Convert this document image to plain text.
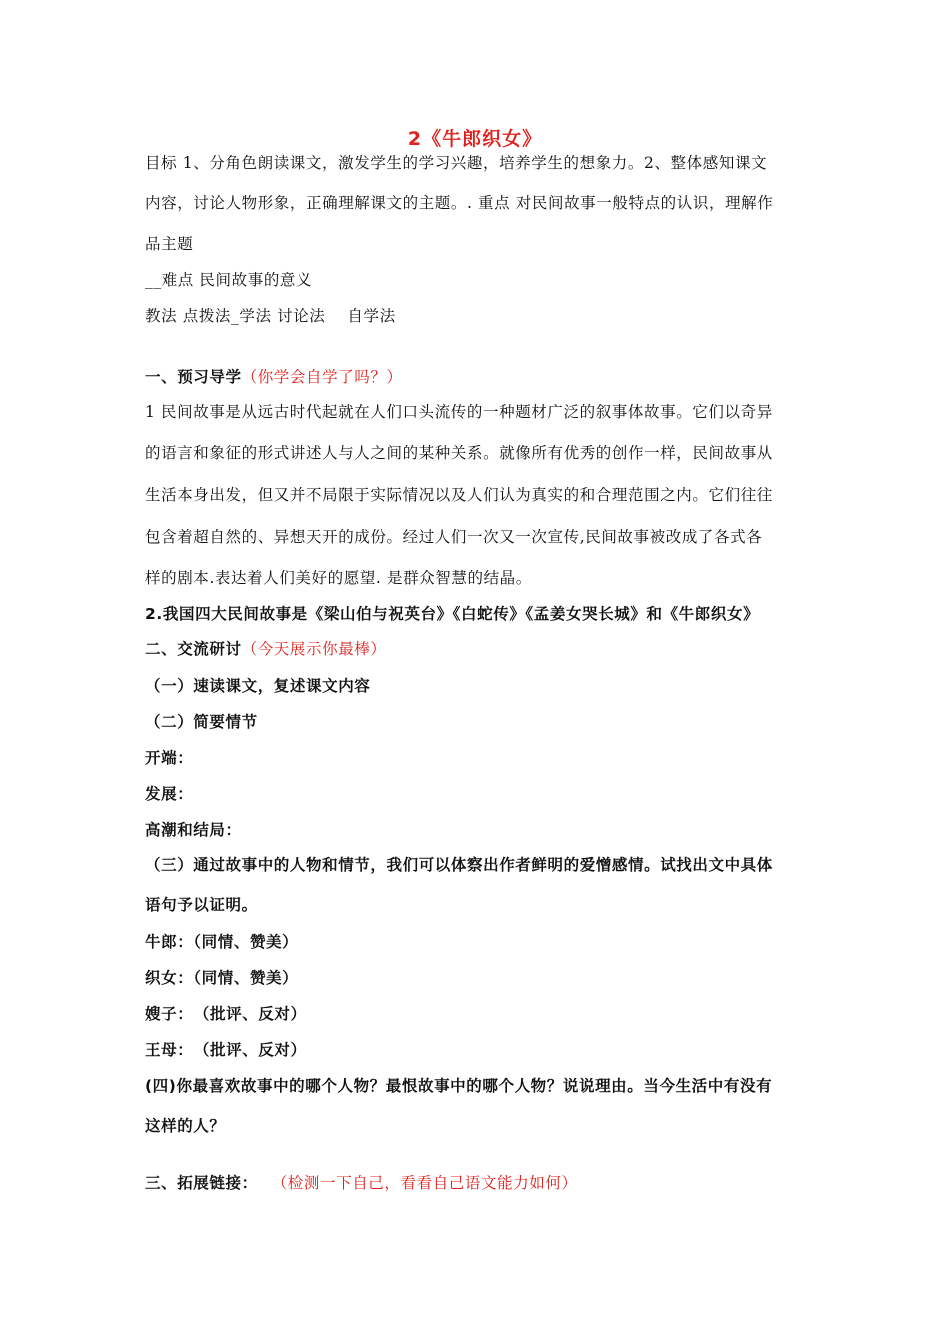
2《牛郎织女》
目标 1、分角色朗读课文，激发学生的学习兴趣，培养学生的想象力。2、整体感知课文
内容，讨论人物形象，正确理解课文的主题。. 重点 对民间故事一般特点的认识，理解作
品主题
__难点 民间故事的意义
教法 点拨法_学法 讨论法 自学法
一、预习导学（你学会自学了吗？）
1 民间故事是从远古时代起就在人们口头流传的一种题材广泛的叙事体故事。它们以奇异
的语言和象征的形式讲述人与人之间的某种关系。就像所有优秀的创作一样，民间故事从
生活本身出发，但又并不局限于实际情况以及人们认为真实的和合理范围之内。它们往往
包含着超自然的、异想天开的成份。经过人们一次又一次宣传,民间故事被改成了各式各
样的剧本.表达着人们美好的愿望. 是群众智慧的结晶。
2.我国四大民间故事是《梁山伯与祝英台》《白蛇传》《孟姜女哭长城》和《牛郎织女》
二、交流研讨（今天展示你最棒）
（一）速读课文，复述课文内容
（二）简要情节
开端：
发展：
高潮和结局：
（三）通过故事中的人物和情节，我们可以体察出作者鲜明的爱憎感情。试找出文中具体
语句予以证明。
牛郎：（同情、赞美）
织女：（同情、赞美）
嫂子：　（批评、反对）
王母：　（批评、反对）
(四)你最喜欢故事中的哪个人物？最恨故事中的哪个人物？说说理由。当今生活中有没有
这样的人？
三、拓展链接： （检测一下自己，看看自己语文能力如何）
